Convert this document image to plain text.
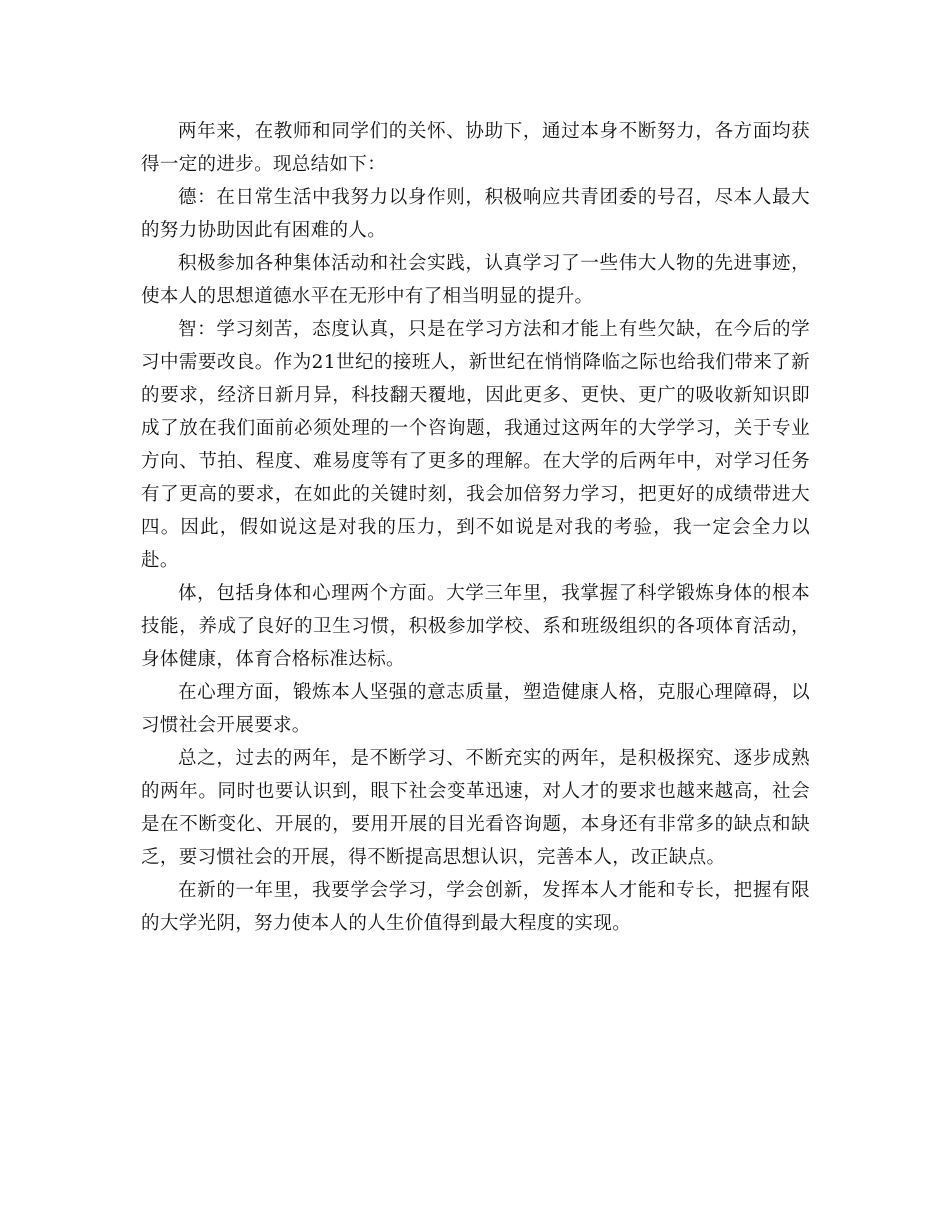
两年来，在教师和同学们的关怀、协助下，通过本身不断努力，各方面均获得一定的进步。现总结如下：

德：在日常生活中我努力以身作则，积极响应共青团委的号召，尽本人最大的努力协助因此有困难的人。

积极参加各种集体活动和社会实践，认真学习了一些伟大人物的先进事迹，使本人的思想道德水平在无形中有了相当明显的提升。

智：学习刻苦，态度认真，只是在学习方法和才能上有些欠缺，在今后的学习中需要改良。作为21世纪的接班人，新世纪在悄悄降临之际也给我们带来了新的要求，经济日新月异，科技翻天覆地，因此更多、更快、更广的吸收新知识即成了放在我们面前必须处理的一个咨询题，我通过这两年的大学学习，关于专业方向、节拍、程度、难易度等有了更多的理解。在大学的后两年中，对学习任务有了更高的要求，在如此的关键时刻，我会加倍努力学习，把更好的成绩带进大四。因此，假如说这是对我的压力，到不如说是对我的考验，我一定会全力以赴。

体，包括身体和心理两个方面。大学三年里，我掌握了科学锻炼身体的根本技能，养成了良好的卫生习惯，积极参加学校、系和班级组织的各项体育活动，身体健康，体育合格标准达标。

在心理方面，锻炼本人坚强的意志质量，塑造健康人格，克服心理障碍，以习惯社会开展要求。

总之，过去的两年，是不断学习、不断充实的两年，是积极探究、逐步成熟的两年。同时也要认识到，眼下社会变革迅速，对人才的要求也越来越高，社会是在不断变化、开展的，要用开展的目光看咨询题，本身还有非常多的缺点和缺乏，要习惯社会的开展，得不断提高思想认识，完善本人，改正缺点。

在新的一年里，我要学会学习，学会创新，发挥本人才能和专长，把握有限的大学光阴，努力使本人的人生价值得到最大程度的实现。
